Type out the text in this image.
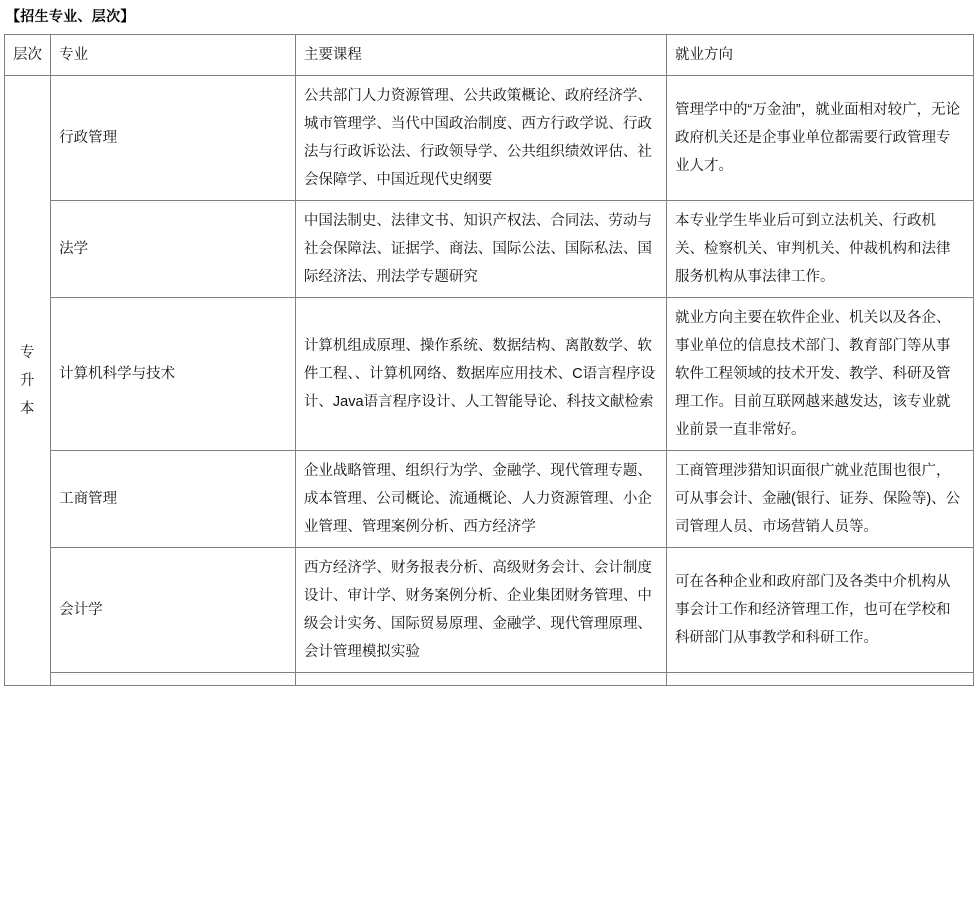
【招生专业、层次】
层次	专业	主要课程	就业方向

专升本	行政管理	公共部门人力资源管理、公共政策概论、政府经济学、城市管理学、当代中国政治制度、西方行政学说、行政法与行政诉讼法、行政领导学、公共组织绩效评估、社会保障学、中国近现代史纲要	管理学中的“万金油”，就业面相对较广，无论政府机关还是企事业单位都需要行政管理专业人才。
	法学	中国法制史、法律文书、知识产权法、合同法、劳动与社会保障法、证据学、商法、国际公法、国际私法、国际经济法、刑法学专题研究	本专业学生毕业后可到立法机关、行政机关、检察机关、审判机关、仲裁机构和法律服务机构从事法律工作。
	计算机科学与技术	计算机组成原理、操作系统、数据结构、离散数学、软件工程、、计算机网络、数据库应用技术、C语言程序设计、Java语言程序设计、人工智能导论、科技文献检索	就业方向主要在软件企业、机关以及各企、事业单位的信息技术部门、教育部门等从事软件工程领域的技术开发、教学、科研及管理工作。目前互联网越来越发达，该专业就业前景一直非常好。
	工商管理	企业战略管理、组织行为学、金融学、现代管理专题、成本管理、公司概论、流通概论、人力资源管理、小企业管理、管理案例分析、西方经济学	工商管理涉猎知识面很广就业范围也很广，可从事会计、金融(银行、证券、保险等)、公司管理人员、市场营销人员等。
	会计学	西方经济学、财务报表分析、高级财务会计、会计制度设计、审计学、财务案例分析、企业集团财务管理、中级会计实务、国际贸易原理、金融学、现代管理原理、会计管理模拟实验	可在各种企业和政府部门及各类中介机构从事会计工作和经济管理工作，也可在学校和科研部门从事教学和科研工作。
